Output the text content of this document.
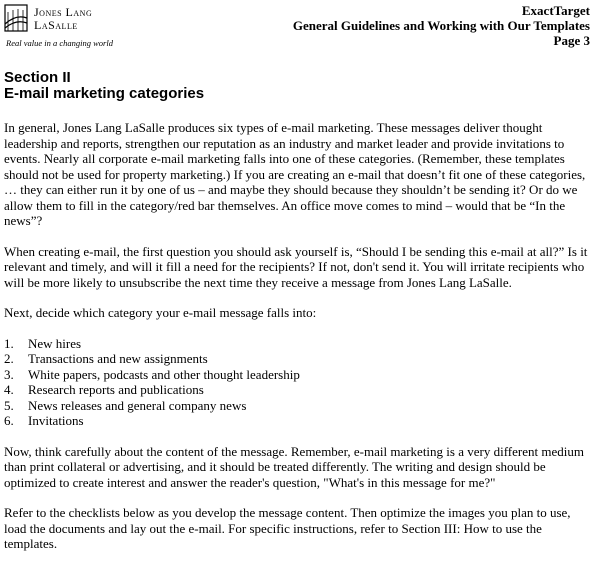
Jones Lang
LaSalle
Real value in a changing world
ExactTarget
General Guidelines and Working with Our Templates
Page 3
Section II
E-mail marketing categories

In general, Jones Lang LaSalle produces six types of e-mail marketing. These messages deliver thought leadership and reports, strengthen our reputation as an industry and market leader and provide invitations to events. Nearly all corporate e-mail marketing falls into one of these categories. (Remember, these templates should not be used for property marketing.) If you are creating an e-mail that doesn’t fit one of these categories, … they can either run it by one of us – and maybe they should because they shouldn’t be sending it? Or do we allow them to fill in the category/red bar themselves. An office move comes to mind – would that be “In the news”?

When creating e-mail, the first question you should ask yourself is, “Should I be sending this e-mail at all?” Is it relevant and timely, and will it fill a need for the recipients? If not, don't send it. You will irritate recipients who will be more likely to unsubscribe the next time they receive a message from Jones Lang LaSalle.

Next, decide which category your e-mail message falls into:

1. New hires
2. Transactions and new assignments
3. White papers, podcasts and other thought leadership
4. Research reports and publications
5. News releases and general company news
6. Invitations

Now, think carefully about the content of the message. Remember, e-mail marketing is a very different medium than print collateral or advertising, and it should be treated differently. The writing and design should be optimized to create interest and answer the reader's question, "What's in this message for me?"

Refer to the checklists below as you develop the message content. Then optimize the images you plan to use, load the documents and lay out the e-mail. For specific instructions, refer to Section III: How to use the templates.
